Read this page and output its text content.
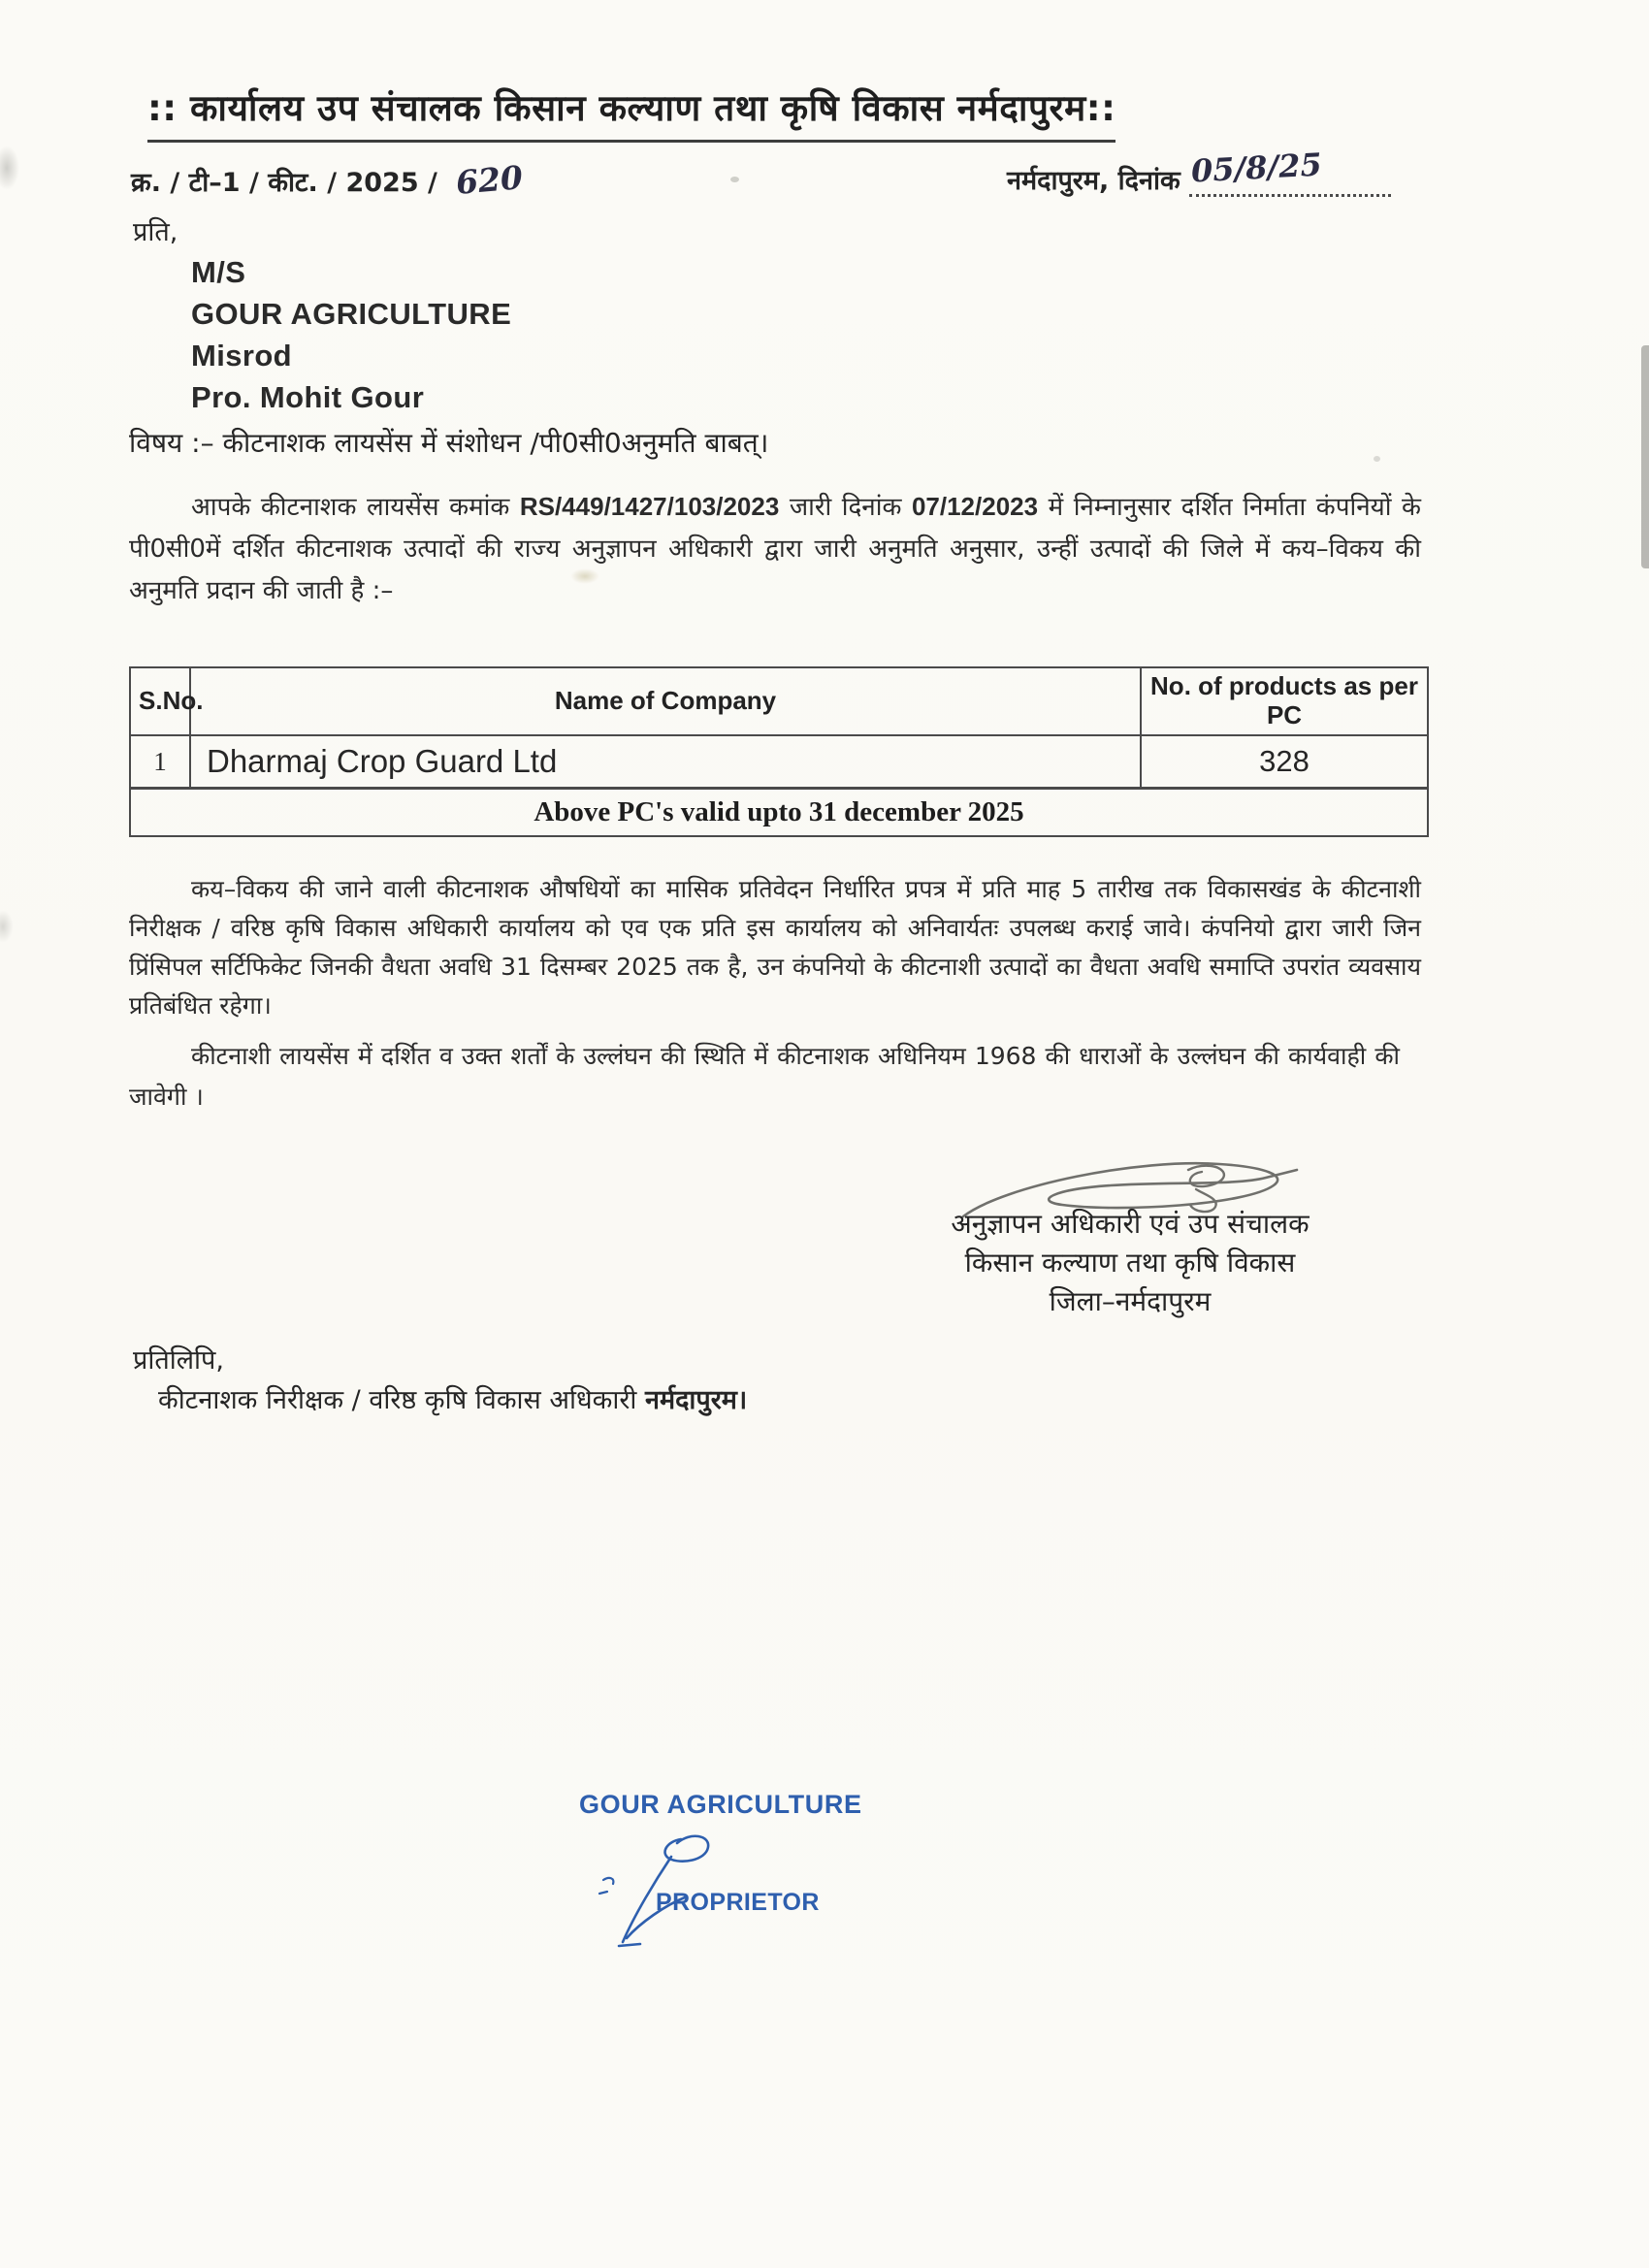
:: कार्यालय उप संचालक किसान कल्याण तथा कृषि विकास नर्मदापुरम::
क्र. / टी–1 / कीट. / 2025 / 620	नर्मदापुरम, दिनांक 05/8/25
प्रति,
M/S
GOUR AGRICULTURE
Misrod
Pro. Mohit Gour
विषय :– कीटनाशक लायसेंस में संशोधन /पी0सी0अनुमति बाबत्।
आपके कीटनाशक लायसेंस कमांक RS/449/1427/103/2023 जारी दिनांक 07/12/2023 में निम्नानुसार दर्शित निर्माता कंपनियों के पी0सी0में दर्शित कीटनाशक उत्पादों की राज्य अनुज्ञापन अधिकारी द्वारा जारी अनुमति अनुसार, उन्हीं उत्पादों की जिले में कय–विकय की अनुमति प्रदान की जाती है :–
S.No.	Name of Company	No. of products as per PC
1	Dharmaj Crop Guard Ltd	328
Above PC's valid upto 31 december 2025
कय–विकय की जाने वाली कीटनाशक औषधियों का मासिक प्रतिवेदन निर्धारित प्रपत्र में प्रति माह 5 तारीख तक विकासखंड के कीटनाशी निरीक्षक / वरिष्ठ कृषि विकास अधिकारी कार्यालय को एव एक प्रति इस कार्यालय को अनिवार्यतः उपलब्ध कराई जावे। कंपनियो द्वारा जारी जिन प्रिंसिपल सर्टिफिकेट जिनकी वैधता अवधि 31 दिसम्बर 2025 तक है, उन कंपनियो के कीटनाशी उत्पादों का वैधता अवधि समाप्ति उपरांत व्यवसाय प्रतिबंधित रहेगा।
कीटनाशी लायसेंस में दर्शित व उक्त शर्तों के उल्लंघन की स्थिति में कीटनाशक अधिनियम 1968 की धाराओं के उल्लंघन की कार्यवाही की जावेगी ।
अनुज्ञापन अधिकारी एवं उप संचालक
किसान कल्याण तथा कृषि विकास
जिला–नर्मदापुरम
प्रतिलिपि,
कीटनाशक निरीक्षक / वरिष्ठ कृषि विकास अधिकारी नर्मदापुरम।
GOUR AGRICULTURE
PROPRIETOR
